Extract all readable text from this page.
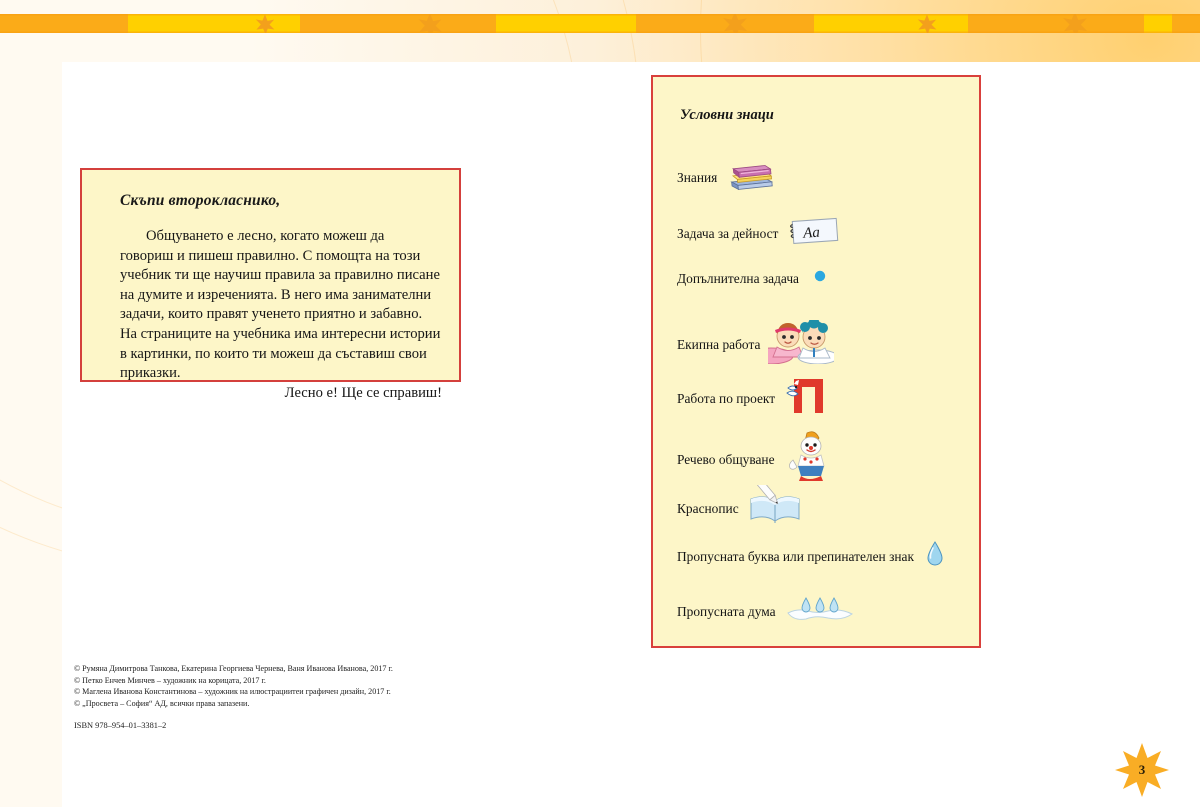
Скъпи второкласнико,
Общуването е лесно, когато можеш да говориш и пишеш правилно. С помощта на този учебник ти ще научиш правила за правилно писане на думите и изреченията. В него има занимателни задачи, които правят ученето приятно и забавно. На страниците на учебника има интересни истории в картинки, по които ти можеш да съставиш свои приказки.
Лесно е! Ще се справиш!
Условни знаци
Знания
Задача за дейност Aa
Допълнителна задача
Екипна работа
Работа по проект
Речево общуване
Краснопис
Пропусната буква или препинателен знак
Пропусната дума
© Румяна Димитрова Танкова, Екатерина Георгиева Чернева, Ваня Иванова Иванова, 2017 г.
© Петко Енчев Минчев – художник на корицата, 2017 г.
© Маглена Иванова Константинова – художник на илюстрациитеи графичен дизайн, 2017 г.
© „Просвета – София“ АД, всички права запазени.
ISBN 978–954–01–3381–2
3
